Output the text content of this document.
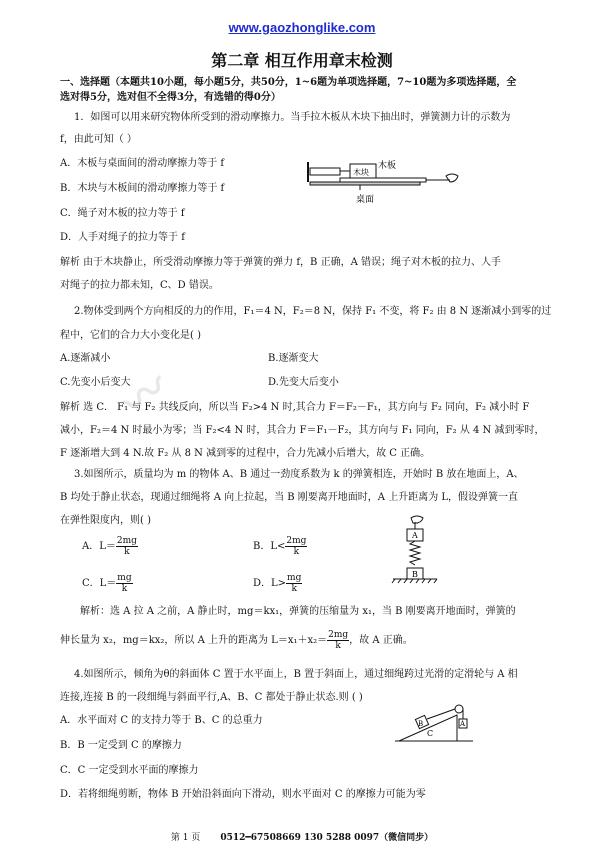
〰
www.gaozhonglike.com
第二章 相互作用章末检测
一、选择题（本题共10小题，每小题5分，共50分，1~6题为单项选择题，7~10题为多项选择题，全
选对得5分，选对但不全得3分，有选错的得0分）
1．如图可以用来研究物体所受到的滑动摩擦力。当手拉木板从木块下抽出时，弹簧测力计的示数为
f，由此可知（ ）
A．木板与桌面间的滑动摩擦力等于 f
B．木块与木板间的滑动摩擦力等于 f
C．绳子对木板的拉力等于 f
D．人手对绳子的拉力等于 f
木块
木板
桌面
解析 由于木块静止，所受滑动摩擦力等于弹簧的弹力 f，B 正确，A 错误；绳子对木板的拉力、人手
对绳子的拉力都未知，C、D 错误。
2.物体受到两个方向相反的力的作用，F₁＝4 N，F₂＝8 N，保持 F₁ 不变，将 F₂ 由 8 N 逐渐减小到零的过
程中，它们的合力大小变化是( )
A.逐渐减小	B.逐渐变大
C.先变小后变大	D.先变大后变小
解析 选 C． F₁ 与 F₂ 共线反向，所以当 F₂>4 N 时,其合力 F＝F₂－F₁，其方向与 F₂ 同向，F₂ 减小时 F
减小，F₂＝4 N 时最小为零；当 F₂<4 N 时，其合力 F＝F₁－F₂，其方向与 F₁ 同向，F₂ 从 4 N 减到零时，
F 逐渐增大到 4 N.故 F₂ 从 8 N 减到零的过程中，合力先减小后增大，故 C 正确。
3.如图所示，质量均为 m 的物体 A、B 通过一劲度系数为 k 的弹簧相连，开始时 B 放在地面上，A、
B 均处于静止状态，现通过细绳将 A 向上拉起，当 B 刚要离开地面时，A 上升距离为 L，假设弹簧一直
在弹性限度内，则( )
A．$L= \frac{2mg}{k}$	B．$L< \frac{2mg}{k}$
C．$L= \frac{mg}{k}$	D．$L> \frac{mg}{k}$
A
B
解析：选 A 拉 A 之前，A 静止时，mg＝kx₁，弹簧的压缩量为 x₁，当 B 刚要离开地面时，弹簧的
伸长量为 x₂，mg＝kx₂，所以 A 上升的距离为 $L=x_1+x_2= \frac{2mg}{k}$ ，故 A 正确。
4.如图所示，倾角为θ的斜面体 C 置于水平面上，B 置于斜面上，通过细绳跨过光滑的定滑轮与 A 相
连接,连接 B 的一段细绳与斜面平行,A、B、C 都处于静止状态.则 ( )
A．水平面对 C 的支持力等于 B、C 的总重力
B．B 一定受到 C 的摩擦力
C．C 一定受到水平面的摩擦力
D．若将细绳剪断，物体 B 开始沿斜面向下滑动，则水平面对 C 的摩擦力可能为零
B	A
C
第 1 页 0512━67508669 130 5288 0097（微信同步）
